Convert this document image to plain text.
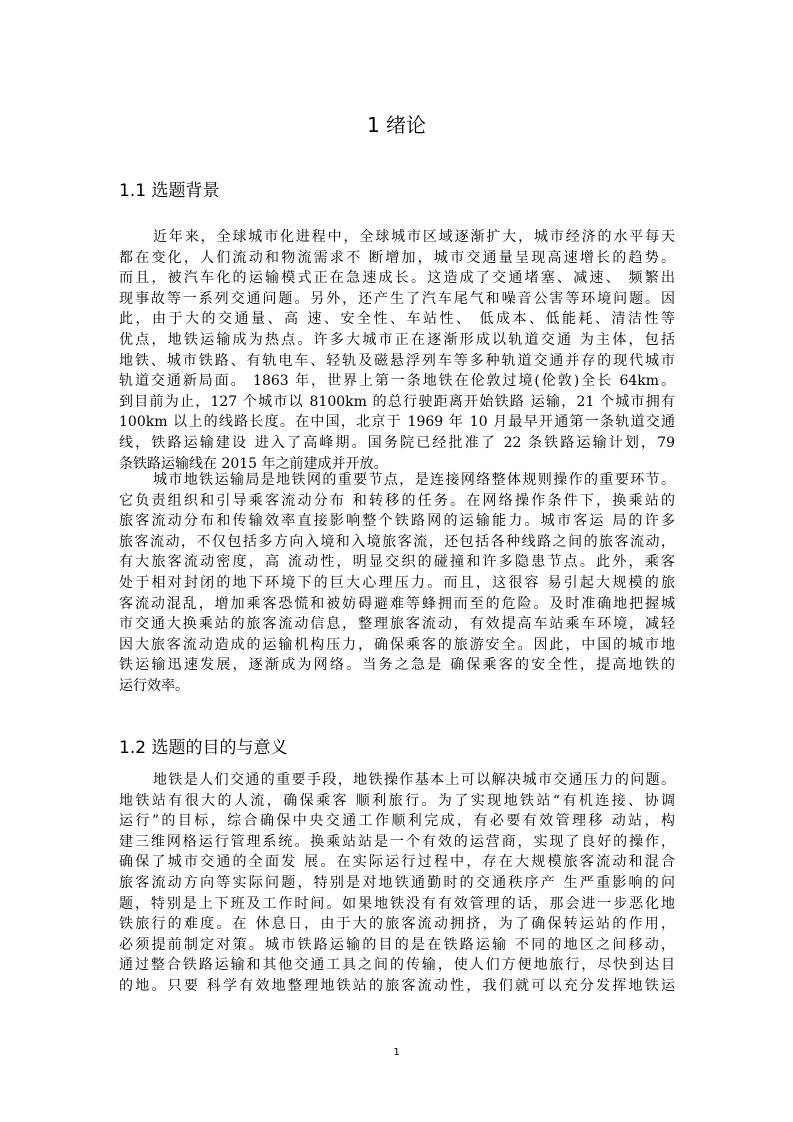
1 绪论
1.1 选题背景
近年来，全球城市化进程中，全球城市区域逐渐扩大，城市经济的水平每天
都在变化，人们流动和物流需求不 断增加，城市交通量呈现高速增长的趋势。
而且，被汽车化的运输模式正在急速成长。这造成了交通堵塞、减速、 频繁出
现事故等一系列交通问题。另外，还产生了汽车尾气和噪音公害等环境问题。因
此，由于大的交通量、高 速、安全性、车站性、 低成本、低能耗、清洁性等
优点，地铁运输成为热点。许多大城市正在逐渐形成以轨道交通 为主体，包括
地铁、城市铁路、有轨电车、轻轨及磁悬浮列车等多种轨道交通并存的现代城市
轨道交通新局面。 1863 年，世界上第一条地铁在伦敦过境(伦敦)全长 64km。
到目前为止，127 个城市以 8100km 的总行驶距离开始铁路 运输，21 个城市拥有
100km 以上的线路长度。在中国，北京于 1969 年 10 月最早开通第一条轨道交通
线，铁路运输建设 进入了高峰期。国务院已经批准了 22 条铁路运输计划，79
条铁路运输线在 2015 年之前建成并开放。
城市地铁运输局是地铁网的重要节点，是连接网络整体规则操作的重要环节。
它负责组织和引导乘客流动分布 和转移的任务。在网络操作条件下，换乘站的
旅客流动分布和传输效率直接影响整个铁路网的运输能力。城市客运 局的许多
旅客流动，不仅包括多方向入境和入境旅客流，还包括各种线路之间的旅客流动，
有大旅客流动密度，高 流动性，明显交织的碰撞和许多隐患节点。此外，乘客
处于相对封闭的地下环境下的巨大心理压力。而且，这很容 易引起大规模的旅
客流动混乱，增加乘客恐慌和被妨碍避难等蜂拥而至的危险。及时准确地把握城
市交通大换乘站的旅客流动信息，整理旅客流动，有效提高车站乘车环境，减轻
因大旅客流动造成的运输机构压力，确保乘客的旅游安全。因此，中国的城市地
铁运输迅速发展，逐渐成为网络。当务之急是 确保乘客的安全性，提高地铁的
运行效率。
1.2 选题的目的与意义
地铁是人们交通的重要手段，地铁操作基本上可以解决城市交通压力的问题。
地铁站有很大的人流，确保乘客 顺利旅行。为了实现地铁站“有机连接、协调
运行”的目标，综合确保中央交通工作顺利完成，有必要有效管理移 动站，构
建三维网格运行管理系统。换乘站站是一个有效的运营商，实现了良好的操作，
确保了城市交通的全面发 展。在实际运行过程中，存在大规模旅客流动和混合
旅客流动方向等实际问题，特别是对地铁通勤时的交通秩序产 生严重影响的问
题，特别是上下班及工作时间。如果地铁没有有效管理的话，那会进一步恶化地
铁旅行的难度。在 休息日，由于大的旅客流动拥挤，为了确保转运站的作用，
必须提前制定对策。城市铁路运输的目的是在铁路运输 不同的地区之间移动，
通过整合铁路运输和其他交通工具之间的传输，使人们方便地旅行，尽快到达目
的地。只要 科学有效地整理地铁站的旅客流动性，我们就可以充分发挥地铁运
1
